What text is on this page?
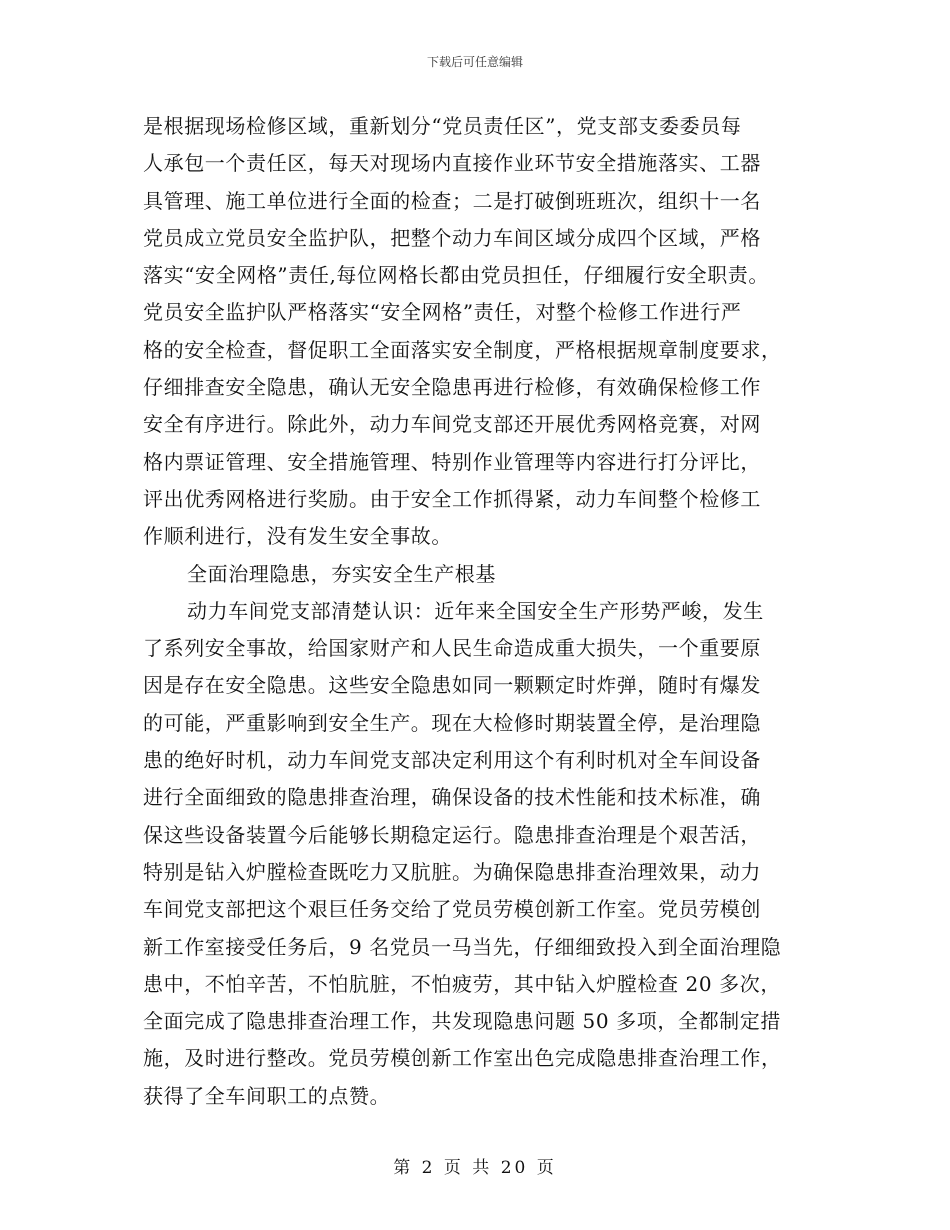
下载后可任意编辑
是根据现场检修区域，重新划分“党员责任区”，党支部支委委员每
人承包一个责任区，每天对现场内直接作业环节安全措施落实、工器
具管理、施工单位进行全面的检查；二是打破倒班班次，组织十一名
党员成立党员安全监护队，把整个动力车间区域分成四个区域，严格
落实“安全网格”责任,每位网格长都由党员担任，仔细履行安全职责。
党员安全监护队严格落实“安全网格”责任，对整个检修工作进行严
格的安全检查，督促职工全面落实安全制度，严格根据规章制度要求，
仔细排查安全隐患，确认无安全隐患再进行检修，有效确保检修工作
安全有序进行。除此外，动力车间党支部还开展优秀网格竞赛，对网
格内票证管理、安全措施管理、特别作业管理等内容进行打分评比，
评出优秀网格进行奖励。由于安全工作抓得紧，动力车间整个检修工
作顺利进行，没有发生安全事故。
全面治理隐患，夯实安全生产根基
动力车间党支部清楚认识：近年来全国安全生产形势严峻，发生
了系列安全事故，给国家财产和人民生命造成重大损失，一个重要原
因是存在安全隐患。这些安全隐患如同一颗颗定时炸弹，随时有爆发
的可能，严重影响到安全生产。现在大检修时期装置全停，是治理隐
患的绝好时机，动力车间党支部决定利用这个有利时机对全车间设备
进行全面细致的隐患排查治理，确保设备的技术性能和技术标准，确
保这些设备装置今后能够长期稳定运行。隐患排查治理是个艰苦活，
特别是钻入炉膛检查既吃力又肮脏。为确保隐患排查治理效果，动力
车间党支部把这个艰巨任务交给了党员劳模创新工作室。党员劳模创
新工作室接受任务后，9 名党员一马当先，仔细细致投入到全面治理隐
患中，不怕辛苦，不怕肮脏，不怕疲劳，其中钻入炉膛检查 20 多次，
全面完成了隐患排查治理工作，共发现隐患问题 50 多项，全都制定措
施，及时进行整改。党员劳模创新工作室出色完成隐患排查治理工作，
获得了全车间职工的点赞。
第 2 页 共 20 页
